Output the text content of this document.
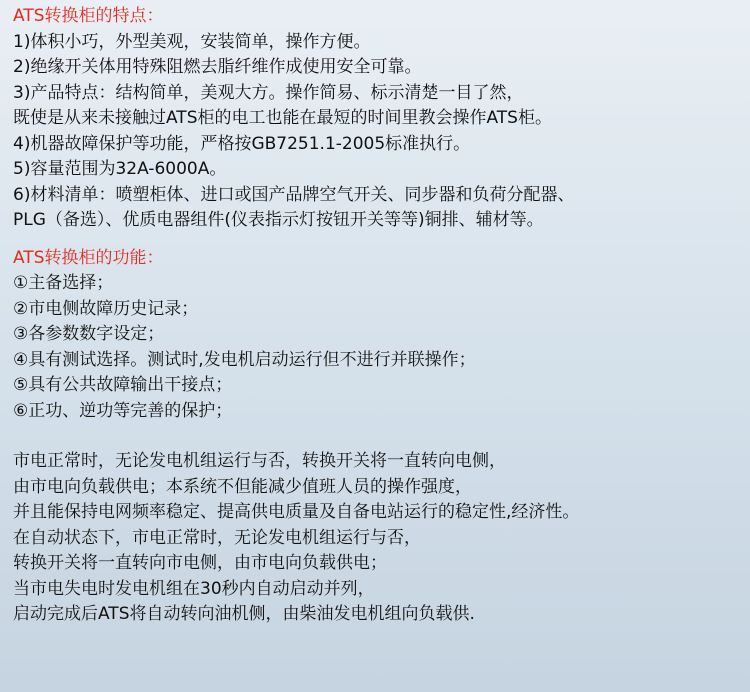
ATS转换柜的特点：
1)体积小巧，外型美观，安装简单，操作方便。
2)绝缘开关体用特殊阻燃去脂纤维作成使用安全可靠。
3)产品特点：结构简单，美观大方。操作简易、标示清楚一目了然，
既使是从来未接触过ATS柜的电工也能在最短的时间里教会操作ATS柜。
4)机器故障保护等功能，严格按GB7251.1-2005标准执行。
5)容量范围为32A-6000A。
6)材料清单：喷塑柜体、进口或国产品牌空气开关、同步器和负荷分配器、
PLG（备选）、优质电器组件(仪表指示灯按钮开关等等)铜排、辅材等。
ATS转换柜的功能：
①主备选择；
②市电侧故障历史记录；
③各参数数字设定；
④具有测试选择。测试时,发电机启动运行但不进行并联操作；
⑤具有公共故障输出干接点；
⑥正功、逆功等完善的保护；
市电正常时，无论发电机组运行与否，转换开关将一直转向电侧，
由市电向负载供电；本系统不但能减少值班人员的操作强度，
并且能保持电网频率稳定、提高供电质量及自备电站运行的稳定性,经济性。
在自动状态下，市电正常时，无论发电机组运行与否，
转换开关将一直转向市电侧，由市电向负载供电；
当市电失电时发电机组在30秒内自动启动并列，
启动完成后ATS将自动转向油机侧，由柴油发电机组向负载供.
